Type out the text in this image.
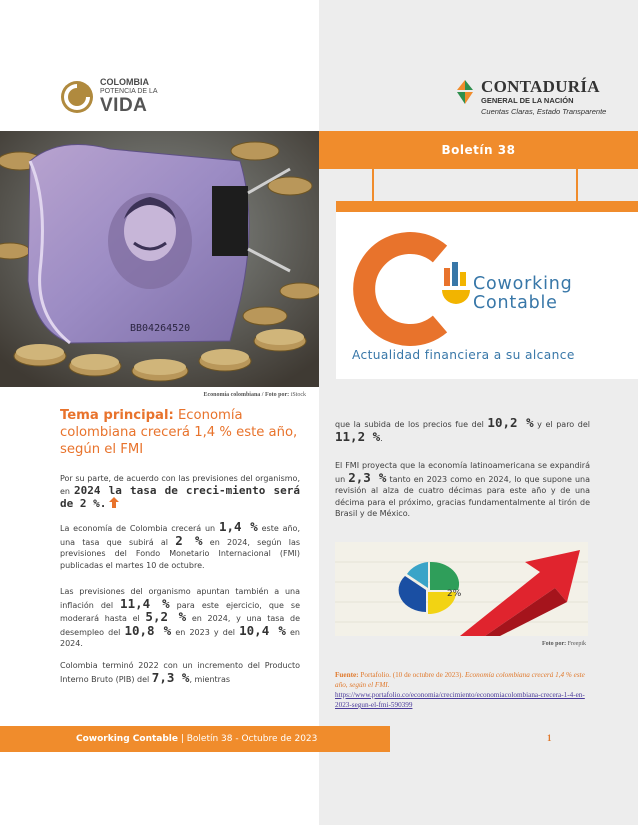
COLOMBIA
POTENCIA DE LA
VIDA
CONTADURÍA
GENERAL DE LA NACIÓN
Cuentas Claras, Estado Transparente
BB04264520
Economía colombiana / Foto por: iStock
Boletín 38
Coworking
Contable
Actualidad financiera a su alcance
Tema principal: Economía colombiana crecerá 1,4 % este año, según el FMI
Por su parte, de acuerdo con las previsiones del organismo, en 2024 la tasa de creci-miento será de 2 %.
La economía de Colombia crecerá un 1,4 % este año, una tasa que subirá al 2 % en 2024, según las previsiones del Fondo Monetario Internacional (FMI) publicadas el martes 10 de octubre.
Las previsiones del organismo apuntan también a una inflación del 11,4 % para este ejercicio, que se moderará hasta el 5,2 % en 2024, y una tasa de desempleo del 10,8 % en 2023 y del 10,4 % en 2024.
Colombia terminó 2022 con un incremento del Producto Interno Bruto (PIB) del 7,3 %, mientras
que la subida de los precios fue del 10,2 % y el paro del 11,2 %.
El FMI proyecta que la economía latinoamericana se expandirá un 2,3 % tanto en 2023 como en 2024, lo que supone una revisión al alza de cuatro décimas para este año y de una décima para el próximo, gracias fundamentalmente al tirón de Brasil y de México.
2%
Foto por: Freepik
Fuente: Portafolio. (10 de octubre de 2023). Economía colombiana crecerá 1,4 % este año, según el FMI.
https://www.portafolio.co/economia/crecimiento/economiacolombiana-crecera-1-4-en-2023-segun-el-fmi-590399
Coworking Contable | Boletín 38 - Octubre de 2023	1
